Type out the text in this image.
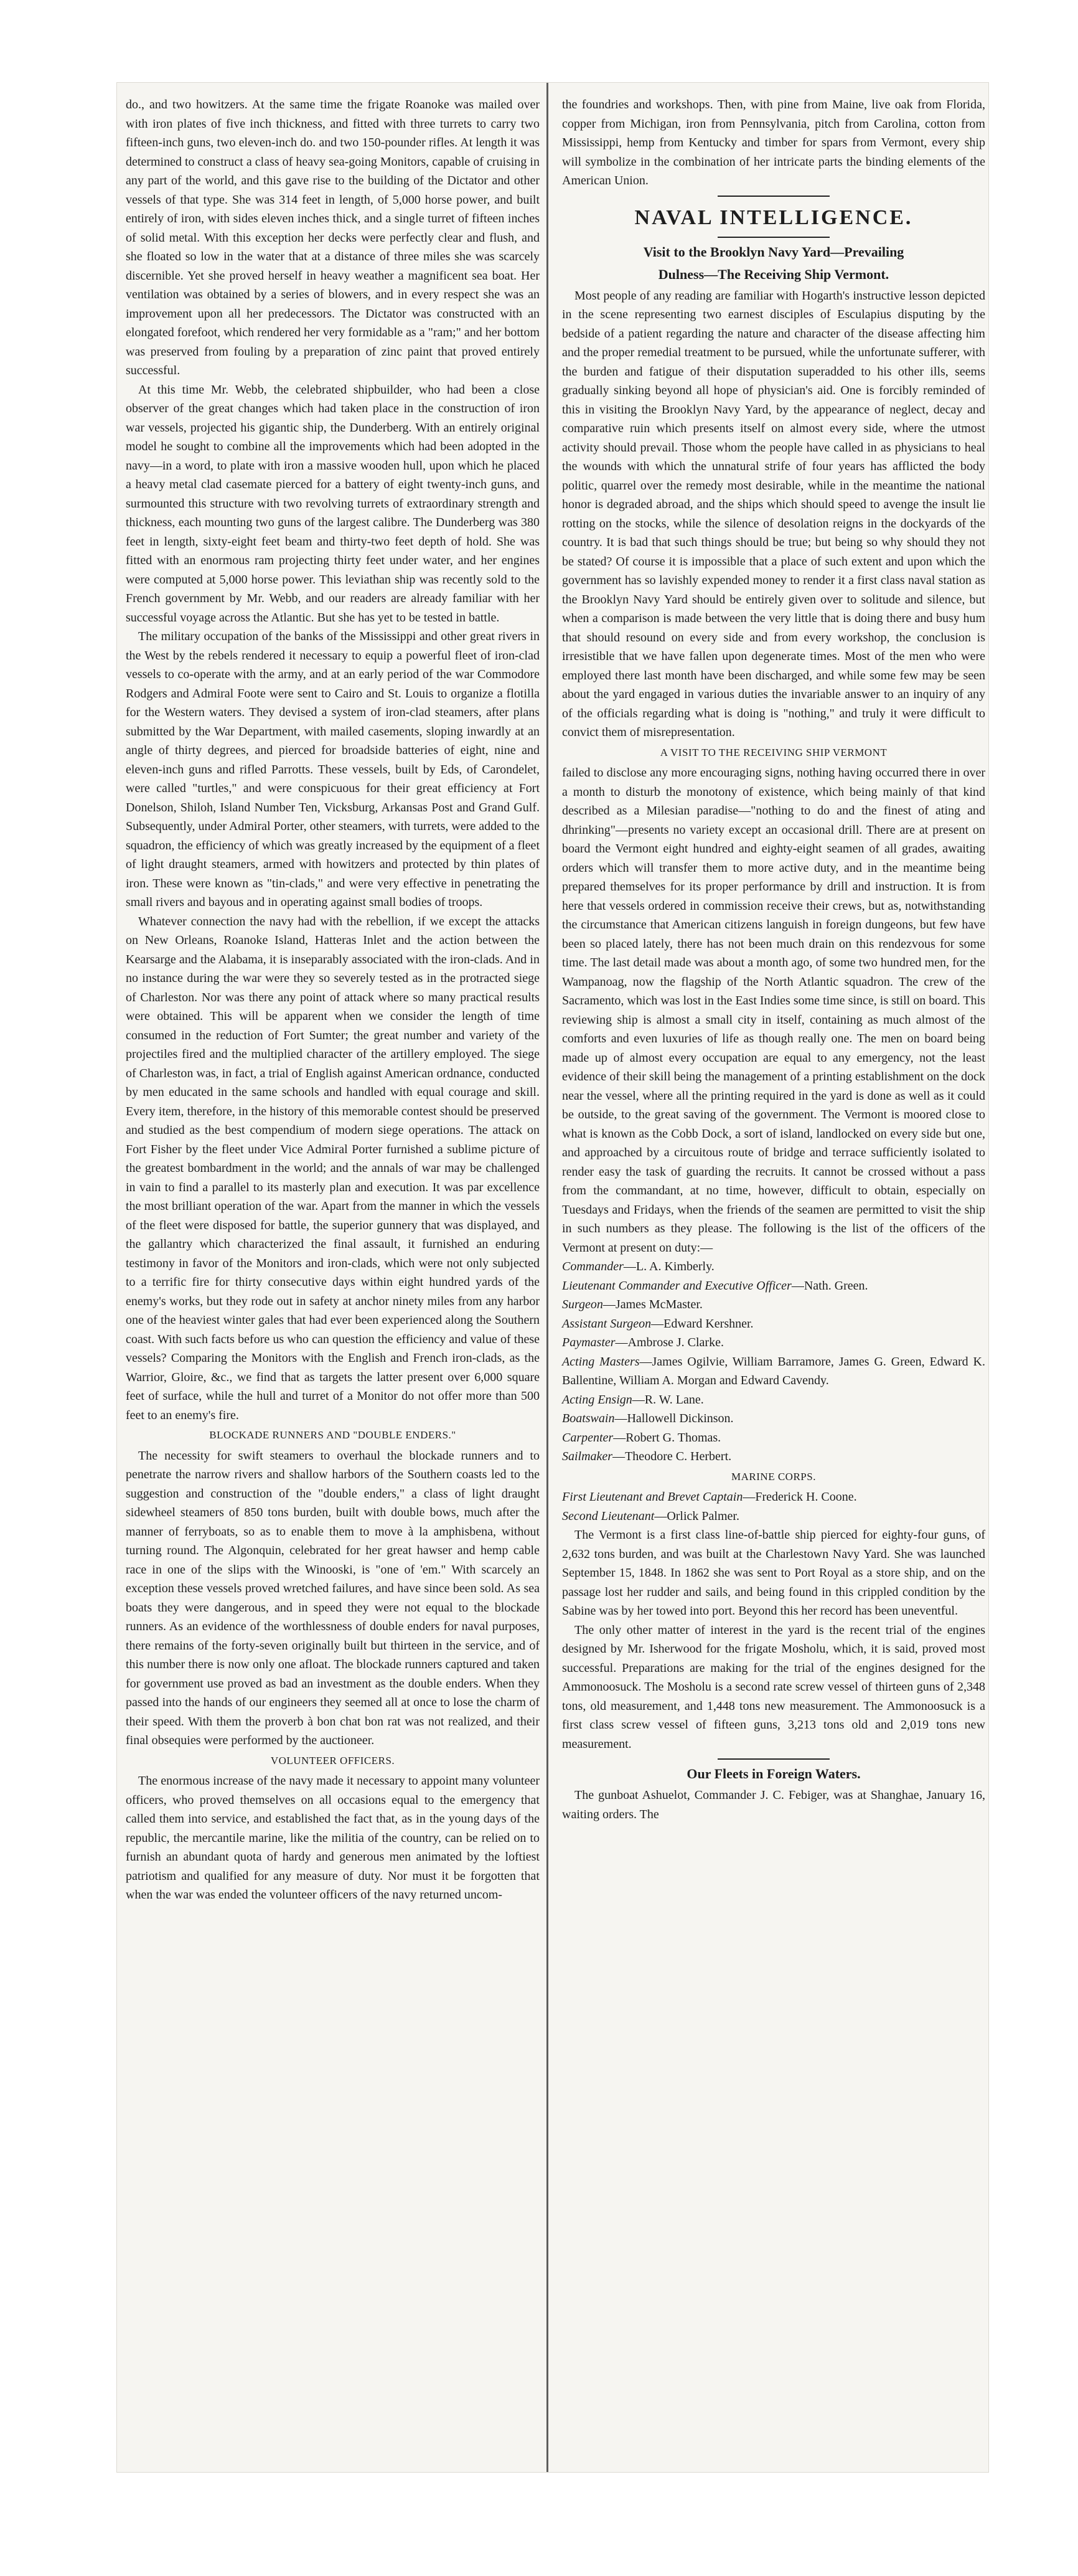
do., and two howitzers. At the same time the frigate Roanoke was mailed over with iron plates of five inch thickness, and fitted with three turrets to carry two fifteen-inch guns, two eleven-inch do. and two 150-pounder rifles. At length it was determined to construct a class of heavy sea-going Monitors, capable of cruising in any part of the world, and this gave rise to the building of the Dictator and other vessels of that type. She was 314 feet in length, of 5,000 horse power, and built entirely of iron, with sides eleven inches thick, and a single turret of fifteen inches of solid metal. With this exception her decks were perfectly clear and flush, and she floated so low in the water that at a distance of three miles she was scarcely discernible. Yet she proved herself in heavy weather a magnificent sea boat. Her ventilation was obtained by a series of blowers, and in every respect she was an improvement upon all her predecessors. The Dictator was constructed with an elongated forefoot, which rendered her very formidable as a "ram;" and her bottom was preserved from fouling by a preparation of zinc paint that proved entirely successful.

At this time Mr. Webb, the celebrated shipbuilder, who had been a close observer of the great changes which had taken place in the construction of iron war vessels, projected his gigantic ship, the Dunderberg. With an entirely original model he sought to combine all the improvements which had been adopted in the navy—in a word, to plate with iron a massive wooden hull, upon which he placed a heavy metal clad casemate pierced for a battery of eight twenty-inch guns, and surmounted this structure with two revolving turrets of extraordinary strength and thickness, each mounting two guns of the largest calibre. The Dunderberg was 380 feet in length, sixty-eight feet beam and thirty-two feet depth of hold. She was fitted with an enormous ram projecting thirty feet under water, and her engines were computed at 5,000 horse power. This leviathan ship was recently sold to the French government by Mr. Webb, and our readers are already familiar with her successful voyage across the Atlantic. But she has yet to be tested in battle.

The military occupation of the banks of the Mississippi and other great rivers in the West by the rebels rendered it necessary to equip a powerful fleet of iron-clad vessels to co-operate with the army, and at an early period of the war Commodore Rodgers and Admiral Foote were sent to Cairo and St. Louis to organize a flotilla for the Western waters. They devised a system of iron-clad steamers, after plans submitted by the War Department, with mailed casements, sloping inwardly at an angle of thirty degrees, and pierced for broadside batteries of eight, nine and eleven-inch guns and rifled Parrotts. These vessels, built by Eds, of Carondelet, were called "turtles," and were conspicuous for their great efficiency at Fort Donelson, Shiloh, Island Number Ten, Vicksburg, Arkansas Post and Grand Gulf. Subsequently, under Admiral Porter, other steamers, with turrets, were added to the squadron, the efficiency of which was greatly increased by the equipment of a fleet of light draught steamers, armed with howitzers and protected by thin plates of iron. These were known as "tin-clads," and were very effective in penetrating the small rivers and bayous and in operating against small bodies of troops.

Whatever connection the navy had with the rebellion, if we except the attacks on New Orleans, Roanoke Island, Hatteras Inlet and the action between the Kearsarge and the Alabama, it is inseparably associated with the iron-clads. And in no instance during the war were they so severely tested as in the protracted siege of Charleston. Nor was there any point of attack where so many practical results were obtained. This will be apparent when we consider the length of time consumed in the reduction of Fort Sumter; the great number and variety of the projectiles fired and the multiplied character of the artillery employed. The siege of Charleston was, in fact, a trial of English against American ordnance, conducted by men educated in the same schools and handled with equal courage and skill. Every item, therefore, in the history of this memorable contest should be preserved and studied as the best compendium of modern siege operations. The attack on Fort Fisher by the fleet under Vice Admiral Porter furnished a sublime picture of the greatest bombardment in the world; and the annals of war may be challenged in vain to find a parallel to its masterly plan and execution. It was par excellence the most brilliant operation of the war. Apart from the manner in which the vessels of the fleet were disposed for battle, the superior gunnery that was displayed, and the gallantry which characterized the final assault, it furnished an enduring testimony in favor of the Monitors and iron-clads, which were not only subjected to a terrific fire for thirty consecutive days within eight hundred yards of the enemy's works, but they rode out in safety at anchor ninety miles from any harbor one of the heaviest winter gales that had ever been experienced along the Southern coast. With such facts before us who can question the efficiency and value of these vessels? Comparing the Monitors with the English and French iron-clads, as the Warrior, Gloire, &c., we find that as targets the latter present over 6,000 square feet of surface, while the hull and turret of a Monitor do not offer more than 500 feet to an enemy's fire.

BLOCKADE RUNNERS AND "DOUBLE ENDERS."

The necessity for swift steamers to overhaul the blockade runners and to penetrate the narrow rivers and shallow harbors of the Southern coasts led to the suggestion and construction of the "double enders," a class of light draught sidewheel steamers of 850 tons burden, built with double bows, much after the manner of ferryboats, so as to enable them to move à la amphisbena, without turning round. The Algonquin, celebrated for her great hawser and hemp cable race in one of the slips with the Winooski, is "one of 'em." With scarcely an exception these vessels proved wretched failures, and have since been sold. As sea boats they were dangerous, and in speed they were not equal to the blockade runners. As an evidence of the worthlessness of double enders for naval purposes, there remains of the forty-seven originally built but thirteen in the service, and of this number there is now only one afloat. The blockade runners captured and taken for government use proved as bad an investment as the double enders. When they passed into the hands of our engineers they seemed all at once to lose the charm of their speed. With them the proverb à bon chat bon rat was not realized, and their final obsequies were performed by the auctioneer.

VOLUNTEER OFFICERS.

The enormous increase of the navy made it necessary to appoint many volunteer officers, who proved themselves on all occasions equal to the emergency that called them into service, and established the fact that, as in the young days of the republic, the mercantile marine, like the militia of the country, can be relied on to furnish an abundant quota of hardy and generous men animated by the loftiest patriotism and qualified for any measure of duty. Nor must it be forgotten that when the war was ended the volunteer officers of the navy returned uncom-

the foundries and workshops. Then, with pine from Maine, live oak from Florida, copper from Michigan, iron from Pennsylvania, pitch from Carolina, cotton from Mississippi, hemp from Kentucky and timber for spars from Vermont, every ship will symbolize in the combination of her intricate parts the binding elements of the American Union.

NAVAL INTELLIGENCE.
Visit to the Brooklyn Navy Yard—Prevailing
Dulness—The Receiving Ship Vermont.

Most people of any reading are familiar with Hogarth's instructive lesson depicted in the scene representing two earnest disciples of Esculapius disputing by the bedside of a patient regarding the nature and character of the disease affecting him and the proper remedial treatment to be pursued, while the unfortunate sufferer, with the burden and fatigue of their disputation superadded to his other ills, seems gradually sinking beyond all hope of physician's aid. One is forcibly reminded of this in visiting the Brooklyn Navy Yard, by the appearance of neglect, decay and comparative ruin which presents itself on almost every side, where the utmost activity should prevail. Those whom the people have called in as physicians to heal the wounds with which the unnatural strife of four years has afflicted the body politic, quarrel over the remedy most desirable, while in the meantime the national honor is degraded abroad, and the ships which should speed to avenge the insult lie rotting on the stocks, while the silence of desolation reigns in the dockyards of the country. It is bad that such things should be true; but being so why should they not be stated? Of course it is impossible that a place of such extent and upon which the government has so lavishly expended money to render it a first class naval station as the Brooklyn Navy Yard should be entirely given over to solitude and silence, but when a comparison is made between the very little that is doing there and busy hum that should resound on every side and from every workshop, the conclusion is irresistible that we have fallen upon degenerate times. Most of the men who were employed there last month have been discharged, and while some few may be seen about the yard engaged in various duties the invariable answer to an inquiry of any of the officials regarding what is doing is "nothing," and truly it were difficult to convict them of misrepresentation.

A VISIT TO THE RECEIVING SHIP VERMONT

failed to disclose any more encouraging signs, nothing having occurred there in over a month to disturb the monotony of existence, which being mainly of that kind described as a Milesian paradise—"nothing to do and the finest of ating and dhrinking"—presents no variety except an occasional drill. There are at present on board the Vermont eight hundred and eighty-eight seamen of all grades, awaiting orders which will transfer them to more active duty, and in the meantime being prepared themselves for its proper performance by drill and instruction. It is from here that vessels ordered in commission receive their crews, but as, notwithstanding the circumstance that American citizens languish in foreign dungeons, but few have been so placed lately, there has not been much drain on this rendezvous for some time. The last detail made was about a month ago, of some two hundred men, for the Wampanoag, now the flagship of the North Atlantic squadron. The crew of the Sacramento, which was lost in the East Indies some time since, is still on board. This reviewing ship is almost a small city in itself, containing as much almost of the comforts and even luxuries of life as though really one. The men on board being made up of almost every occupation are equal to any emergency, not the least evidence of their skill being the management of a printing establishment on the dock near the vessel, where all the printing required in the yard is done as well as it could be outside, to the great saving of the government. The Vermont is moored close to what is known as the Cobb Dock, a sort of island, landlocked on every side but one, and approached by a circuitous route of bridge and terrace sufficiently isolated to render easy the task of guarding the recruits. It cannot be crossed without a pass from the commandant, at no time, however, difficult to obtain, especially on Tuesdays and Fridays, when the friends of the seamen are permitted to visit the ship in such numbers as they please. The following is the list of the officers of the Vermont at present on duty:—

Commander—L. A. Kimberly.

Lieutenant Commander and Executive Officer—Nath. Green.

Surgeon—James McMaster.

Assistant Surgeon—Edward Kershner.

Paymaster—Ambrose J. Clarke.

Acting Masters—James Ogilvie, William Barramore, James G. Green, Edward K. Ballentine, William A. Morgan and Edward Cavendy.

Acting Ensign—R. W. Lane.

Boatswain—Hallowell Dickinson.

Carpenter—Robert G. Thomas.

Sailmaker—Theodore C. Herbert.

MARINE CORPS.

First Lieutenant and Brevet Captain—Frederick H. Coone.

Second Lieutenant—Orlick Palmer.

The Vermont is a first class line-of-battle ship pierced for eighty-four guns, of 2,632 tons burden, and was built at the Charlestown Navy Yard. She was launched September 15, 1848. In 1862 she was sent to Port Royal as a store ship, and on the passage lost her rudder and sails, and being found in this crippled condition by the Sabine was by her towed into port. Beyond this her record has been uneventful.

The only other matter of interest in the yard is the recent trial of the engines designed by Mr. Isherwood for the frigate Mosholu, which, it is said, proved most successful. Preparations are making for the trial of the engines designed for the Ammonoosuck. The Mosholu is a second rate screw vessel of thirteen guns of 2,348 tons, old measurement, and 1,448 tons new measurement. The Ammonoosuck is a first class screw vessel of fifteen guns, 3,213 tons old and 2,019 tons new measurement.

Our Fleets in Foreign Waters.

The gunboat Ashuelot, Commander J. C. Febiger, was at Shanghae, January 16, waiting orders. The
